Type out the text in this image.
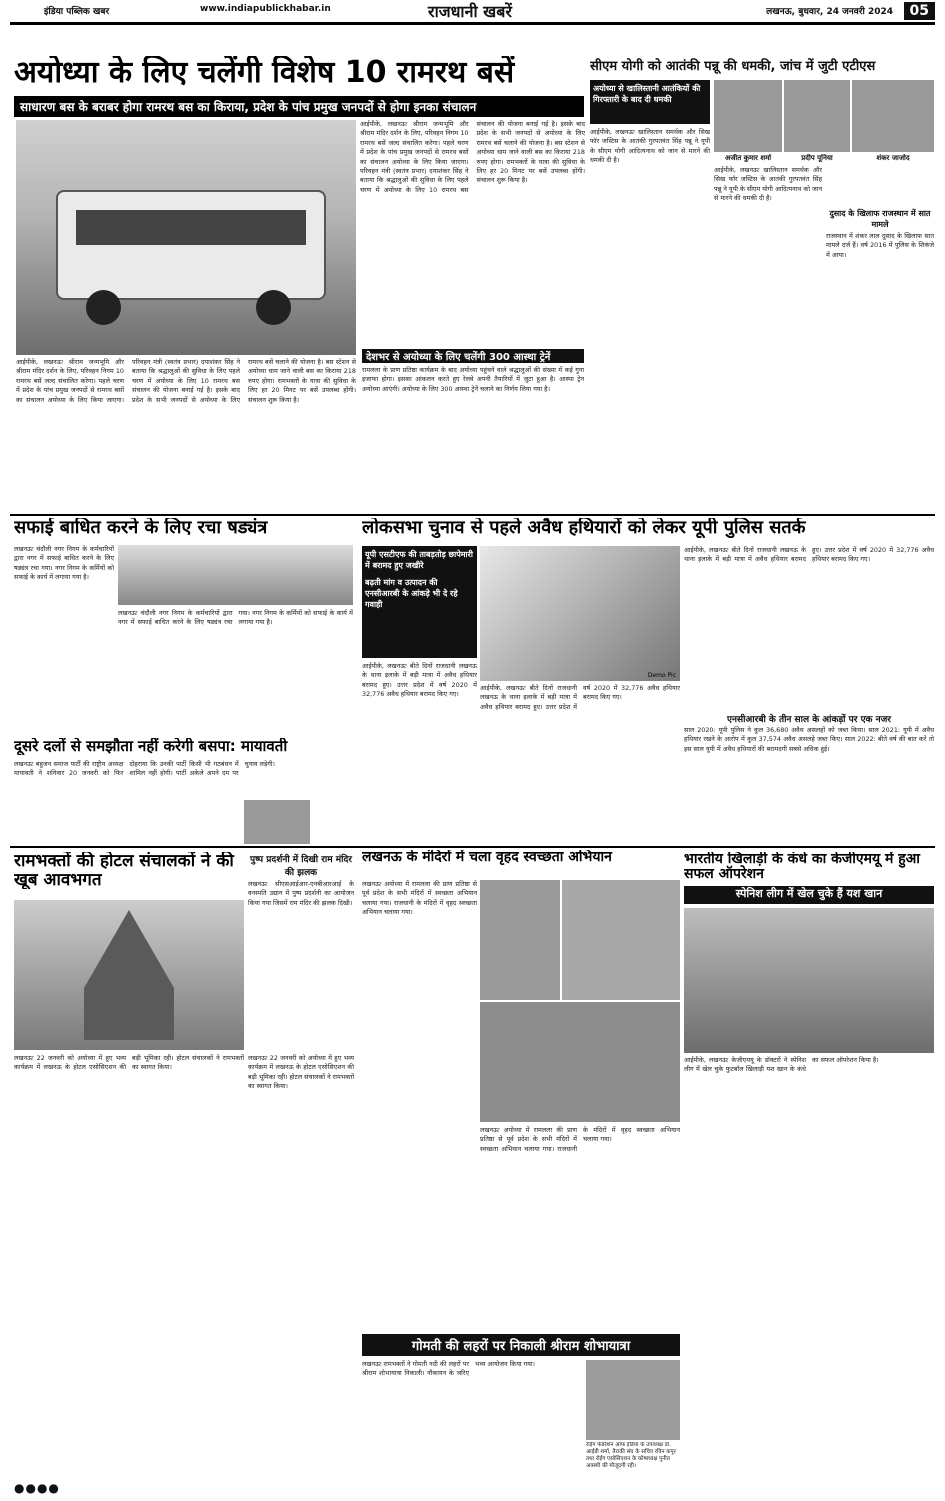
इंडिया पब्लिक खबर	www.indiapublickhabar.in	राजधानी खबरें	लखनऊ, बुधवार, 24 जनवरी 2024	05
अयोध्या के लिए चलेंगी विशेष 10 रामरथ बसें
साधारण बस के बराबर होगा रामरथ बस का किराया, प्रदेश के पांच प्रमुख जनपदों से होगा इनका संचालन
आईपीके, लखनऊः श्रीराम जन्मभूमि और श्रीराम मंदिर दर्शन के लिए, परिवहन निगम 10 रामरथ बसें जल्द संचालित करेगा। पहले चरण में प्रदेश के पांच प्रमुख जनपदों से रामरथ बसों का संचालन अयोध्या के लिए किया जाएगा। परिवहन मंत्री (स्वतंत्र प्रभार) दयाशंकर सिंह ने बताया कि श्रद्धालुओं की सुविधा के लिए पहले चरण में अयोध्या के लिए 10 रामरथ बस संचालन की योजना बनाई गई है। इसके बाद प्रदेश के सभी जनपदों से अयोध्या के लिए रामरथ बसें चलाने की योजना है। बस स्टेशन से अयोध्या धाम जाने वाली बस का किराया 218 रुपए होगा। रामभक्तों के यात्रा की सुविधा के लिए हर 20 मिनट पर बसें उपलब्ध होंगी। संचालन शुरू किया है।
आईपीके, लखनऊः श्रीराम जन्मभूमि और श्रीराम मंदिर दर्शन के लिए, परिवहन निगम 10 रामरथ बसें जल्द संचालित करेगा। पहले चरण में प्रदेश के पांच प्रमुख जनपदों से रामरथ बसों का संचालन अयोध्या के लिए किया जाएगा। परिवहन मंत्री (स्वतंत्र प्रभार) दयाशंकर सिंह ने बताया कि श्रद्धालुओं की सुविधा के लिए पहले चरण में अयोध्या के लिए 10 रामरथ बस संचालन की योजना बनाई गई है। इसके बाद प्रदेश के सभी जनपदों से अयोध्या के लिए रामरथ बसें चलाने की योजना है। बस स्टेशन से अयोध्या धाम जाने वाली बस का किराया 218 रुपए होगा। रामभक्तों के यात्रा की सुविधा के लिए हर 20 मिनट पर बसें उपलब्ध होंगी। संचालन शुरू किया है।
देशभर से अयोध्या के लिए चलेंगी 300 आस्था ट्रेनें
रामलला के प्राण प्रतिष्ठा कार्यक्रम के बाद अयोध्या पहुंचने वाले श्रद्धालुओं की संख्या में कई गुना इजाफा होगा। इसका आंकलन करते हुए रेलवे अपनी तैयारियों में जुटा हुआ है। आस्था ट्रेन अयोध्या आएंगी। अयोध्या के लिए 300 आस्था ट्रेनें चलाने का निर्णय लिया गया है।
सीएम योगी को आतंकी पन्नू की धमकी, जांच में जुटी एटीएस
अयोध्या से खालिस्तानी आतंकियों की गिरफ्तारी के बाद दी धमकी
आईपीके, लखनऊः खालिस्तान समर्थक और सिख फॉर जस्टिस के आतंकी गुरपतवंत सिंह पन्नू ने यूपी के सीएम योगी आदित्यनाथ को जान से मारने की धमकी दी है।	अजीत कुमार शर्मा	प्रदीप पूनिया	शंकर जाजोद
आईपीके, लखनऊः खालिस्तान समर्थक और सिख फॉर जस्टिस के आतंकी गुरपतवंत सिंह पन्नू ने यूपी के सीएम योगी आदित्यनाथ को जान से मारने की धमकी दी है।
दुसाद के खिलाफ राजस्थान में सात मामले
राजस्थान में शंकर लाल दुसाद के खिलाफ सात मामले दर्ज हैं। वर्ष 2016 में पुलिस के शिकंजे में आया।
सफाई बाधित करने के लिए रचा षड्यंत्र
लखनऊः चंदौली नगर निगम के कर्मचारियों द्वारा नगर में सफाई बाधित करने के लिए षड्यंत्र रचा गया। नगर निगम के कर्मियों को सफाई के कार्य में लगाया गया है।
लखनऊः चंदौली नगर निगम के कर्मचारियों द्वारा नगर में सफाई बाधित करने के लिए षड्यंत्र रचा गया। नगर निगम के कर्मियों को सफाई के कार्य में लगाया गया है।
लोकसभा चुनाव से पहले अवैध हथियारों को लेकर यूपी पुलिस सतर्क
यूपी एसटीएफ की ताबड़तोड़ छापेमारी में बरामद हुए जखीरे
बढ़ती मांग व उत्पादन की एनसीआरबी के आंकड़े भी दे रहे गवाही
Demo Pic
आईपीके, लखनऊः बीते दिनों राजधानी लखनऊ के थाना इलाके में बड़ी मात्रा में अवैध हथियार बरामद हुए। उत्तर प्रदेश में वर्ष 2020 में 32,776 अवैध हथियार बरामद किए गए।
आईपीके, लखनऊः बीते दिनों राजधानी लखनऊ के थाना इलाके में बड़ी मात्रा में अवैध हथियार बरामद हुए। उत्तर प्रदेश में वर्ष 2020 में 32,776 अवैध हथियार बरामद किए गए।
आईपीके, लखनऊः बीते दिनों राजधानी लखनऊ के थाना इलाके में बड़ी मात्रा में अवैध हथियार बरामद हुए। उत्तर प्रदेश में वर्ष 2020 में 32,776 अवैध हथियार बरामद किए गए।
एनसीआरबी के तीन साल के आंकड़ों पर एक नजर
साल 2020: यूपी पुलिस ने कुल 36,680 अवैध असलहों को जब्त किया। साल 2021: यूपी में अवैध हथियार रखने के आरोप में कुल 37,574 अवैध असलहे जब्त किए। साल 2022: बीते वर्ष की बात करें तो इस साल यूपी में अवैध हथियारों की बरामदगी सबसे अधिक हुई।
दूसरे दलों से समझौता नहीं करेगी बसपा: मायावती
लखनऊः बहुजन समाज पार्टी की राष्ट्रीय अध्यक्ष मायावती ने शनिवार 20 जनवरी को फिर दोहराया कि उनकी पार्टी किसी भी गठबंधन में शामिल नहीं होगी। पार्टी अकेले अपने दम पर चुनाव लड़ेगी।
रामभक्तों की होटल संचालकों ने की खूब आवभगत
लखनऊः 22 जनवरी को अयोध्या में हुए भव्य कार्यक्रम में लखनऊ के होटल एसोसिएशन की बड़ी भूमिका रही। होटल संचालकों ने रामभक्तों का स्वागत किया।
लखनऊः 22 जनवरी को अयोध्या में हुए भव्य कार्यक्रम में लखनऊ के होटल एसोसिएशन की बड़ी भूमिका रही। होटल संचालकों ने रामभक्तों का स्वागत किया।
●●●●
पुष्प प्रदर्शनी में दिखी राम मंदिर की झलक
लखनऊः सीएसआईआर-एनबीआरआई के वनस्पति उद्यान में पुष्प प्रदर्शनी का आयोजन किया गया जिसमें राम मंदिर की झलक दिखी।
लखनऊ के मंदिरों में चला वृहद स्वच्छता अभियान
लखनऊः अयोध्या में रामलला की प्राण प्रतिष्ठा से पूर्व प्रदेश के सभी मंदिरों में स्वच्छता अभियान चलाया गया। राजधानी के मंदिरों में वृहद स्वच्छता अभियान चलाया गया।
लखनऊः अयोध्या में रामलला की प्राण प्रतिष्ठा से पूर्व प्रदेश के सभी मंदिरों में स्वच्छता अभियान चलाया गया। राजधानी के मंदिरों में वृहद स्वच्छता अभियान चलाया गया।
भारतीय खिलाड़ी के कंधे का केजीएमयू में हुआ सफल ऑपरेशन
स्पेनिश लीग में खेल चुके हैं यश खान
आईपीके, लखनऊः केजीएमयू के डॉक्टरों ने स्पेनिश लीग में खेल चुके फुटबॉल खिलाड़ी यश खान के कंधे का सफल ऑपरेशन किया है।
गोमती की लहरों पर निकाली श्रीराम शोभायात्रा
लखनऊः रामभक्तों ने गोमती नदी की लहरों पर श्रीराम शोभायात्रा निकाली। नौकायन के जरिए भव्य आयोजन किया गया।
रोईंग फेडरेशन ऑफ इंडिया के उपाध्यक्ष डॉ. आईडी शर्मा, तैराकी संघ के सचिव रविन कपूर तथा रोईंग एसोसिएशन के कोषाध्यक्ष पुनीत अवस्थी की मौजूदगी रही।
